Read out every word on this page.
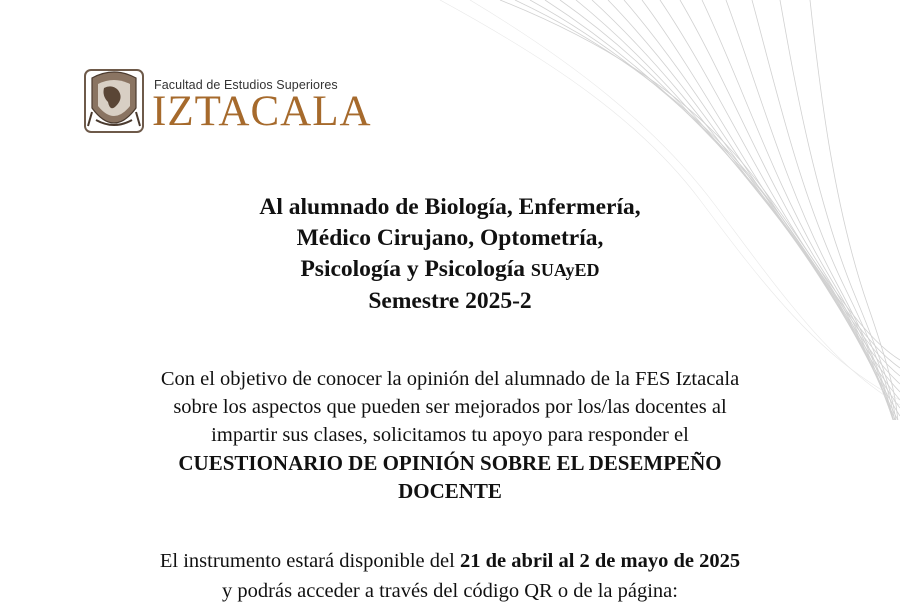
Facultad de Estudios Superiores
IZTACALA
Al alumnado de Biología, Enfermería,
Médico Cirujano, Optometría,
Psicología y Psicología SUAyED
Semestre 2025-2

Con el objetivo de conocer la opinión del alumnado de la FES Iztacala
sobre los aspectos que pueden ser mejorados por los/las docentes al
impartir sus clases, solicitamos tu apoyo para responder el
CUESTIONARIO DE OPINIÓN SOBRE EL DESEMPEÑO
DOCENTE

El instrumento estará disponible del 21 de abril al 2 de mayo de 2025
y podrás acceder a través del código QR o de la página:
